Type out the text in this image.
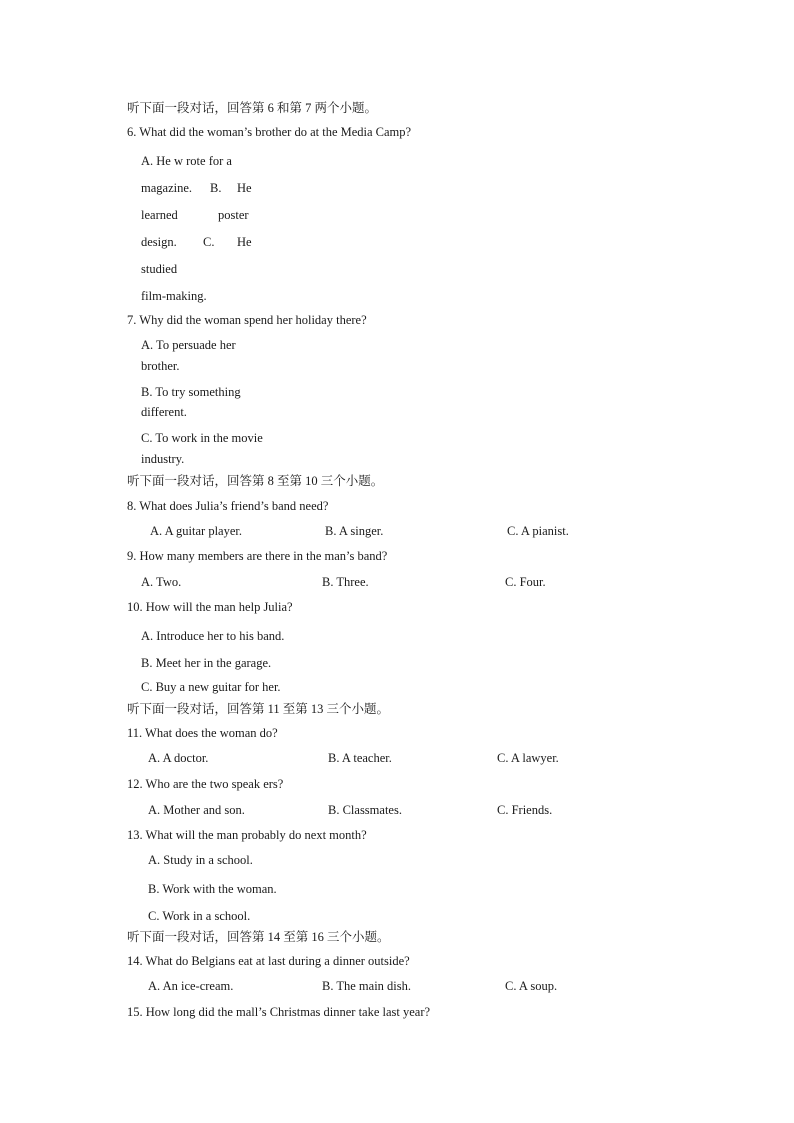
听下面一段对话，回答第 6 和第 7 两个小题。
6. What did the woman’s brother do at the Media Camp?
A. He w rote for a
magazine. B. He
learned	poster
design. C. He
studied
film-making.
7. Why did the woman spend her holiday there?
A. To persuade her
brother.
B. To try something
different.
C. To work in the movie
industry.
听下面一段对话，回答第 8 至第 10 三个小题。
8. What does Julia’s friend’s band need?
A. A guitar player.	B. A singer.	C. A pianist.
9. How many members are there in the man’s band?
A. Two.	B. Three.	C. Four.
10. How will the man help Julia?
A. Introduce her to his band.
B. Meet her in the garage.
C. Buy a new guitar for her.
听下面一段对话，回答第 11 至第 13 三个小题。
11. What does the woman do?
A. A doctor.	B. A teacher.	C. A lawyer.
12. Who are the two speak ers?
A. Mother and son.	B. Classmates.	C. Friends.
13. What will the man probably do next month?
A. Study in a school.
B. Work with the woman.
C. Work in a school.
听下面一段对话，回答第 14 至第 16 三个小题。
14. What do Belgians eat at last during a dinner outside?
A. An ice-cream.	B. The main dish.	C. A soup.
15. How long did the mall’s Christmas dinner take last year?
